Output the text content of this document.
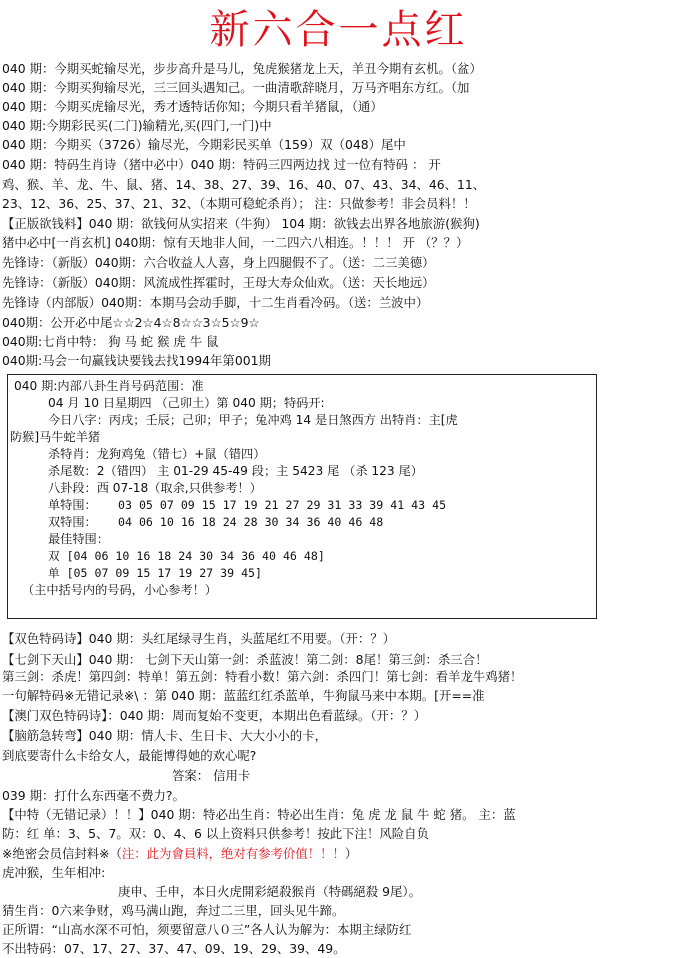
新六合一点红
040 期：今期买蛇输尽光，步步高升是马儿，兔虎猴猪龙上天，羊丑今期有玄机。（盆）
040 期：今期买狗输尽光，三三回头遇知己。一曲清歌辞晓月，万马齐唱东方红。（加
040 期：今期买虎输尽光，秀才透特话你知；今期只看羊猪鼠，（通）
040 期:今期彩民买(二门)输精光,买(四门,一门)中
040 期：今期买（3726）输尽光，今期彩民买单（159）双（048）尾中
040 期：特码生肖诗（猪中必中）040 期：特码三四两边找 过一位有特码 ： 开
鸡、猴、羊、龙、牛、鼠、猪、14、38、27、39、16、40、07、43、34、46、11、
23、12、36、25、37、21、32、（本期可稳蛇杀肖）； 注：只做参考！非会员料！！
【正版欲钱料】040 期：欲钱何从实招来（牛狗） 104 期：欲钱去出界各地旅游(猴狗)
猪中必中[一肖玄机] 040期：惊有天地非人间，一二四六八相连。！！！ 开 （？？）
先锋诗：（新版）040期：六合收益人人喜，身上四腿假不了。（送：二三美德）
先锋诗：（新版）040期：风流成性挥霍时，王母大寿众仙欢。（送：天长地远）
先锋诗（内部版）040期：本期马会动手脚，十二生肖看冷码。（送：兰波中）
040期：公开必中尾☆☆2☆4☆8☆☆3☆5☆9☆
040期:七肖中特： 狗 马 蛇 猴 虎 牛 鼠
040期:马会一句赢钱诀要钱去找1994年第001期
040 期:内部八卦生肖号码范围：准
04 月 10 日星期四 （己卯土）第 040 期；特码开:
今日八字：丙戌；壬辰；己卯；甲子；兔冲鸡 14 是日煞西方 出特肖：主[虎
防猴]马牛蛇羊猪
杀特肖：龙狗鸡兔（错七）+鼠（错四）
杀尾数：2（错四） 主 01-29 45-49 段；主 5423 尾 （杀 123 尾）
八卦段：西 07-18（取余,只供参考！）
单特围： 03 05 07 09 15 17 19 21 27 29 31 33 39 41 43 45
双特围： 04 06 10 16 18 24 28 30 34 36 40 46 48
最佳特围：
双 [04 06 10 16 18 24 30 34 36 40 46 48]
单 [05 07 09 15 17 19 27 39 45]
（主中括号内的号码，小心参考！）
【双色特码诗】040 期：头红尾绿寻生肖，头蓝尾红不用要。（开：？）
【七剑下天山】040 期： 七剑下天山第一剑：杀蓝波！第二剑：8尾！第三剑：杀三合！
第三剑：杀虎！第四剑：特单！第五剑：特看小数！第六剑：杀四门！第七剑：看羊龙牛鸡猪！
一句解特码※无错记录※\ ：第 040 期：蓝蓝红红杀蓝单，牛狗鼠马来中本期。[开==准
【澳门双色特码诗】：040 期：周而复始不变更，本期出色看蓝绿。（开：？）
【脑筋急转弯】040 期：情人卡、生日卡、大大小小的卡，
到底要寄什么卡给女人，最能博得她的欢心呢?
答案： 信用卡
039 期：打什么东西毫不费力?。
【中特（无错记录）！！】040 期：特必出生肖：特必出生肖：兔 虎 龙 鼠 牛 蛇 猪。 主：蓝
防：红 单：3、5、7。双：0、4、6 以上资料只供参考！按此下注！风险自负
※绝密会员信封料※（注：此为會員料，绝对有参考价值！！！）
虎冲猴，生年相冲:
庚申、壬申，本日火虎開彩絕殺猴肖（特碼絕殺 9尾）。
猜生肖：0六来争财，鸡马满山跑，奔过二三里，回头见牛蹄。
正所谓：“山高水深不可怕，须要留意八０三”各人认为解为：本期主绿防红
不出特码：07、17、27、37、47、09、19、29、39、49。
